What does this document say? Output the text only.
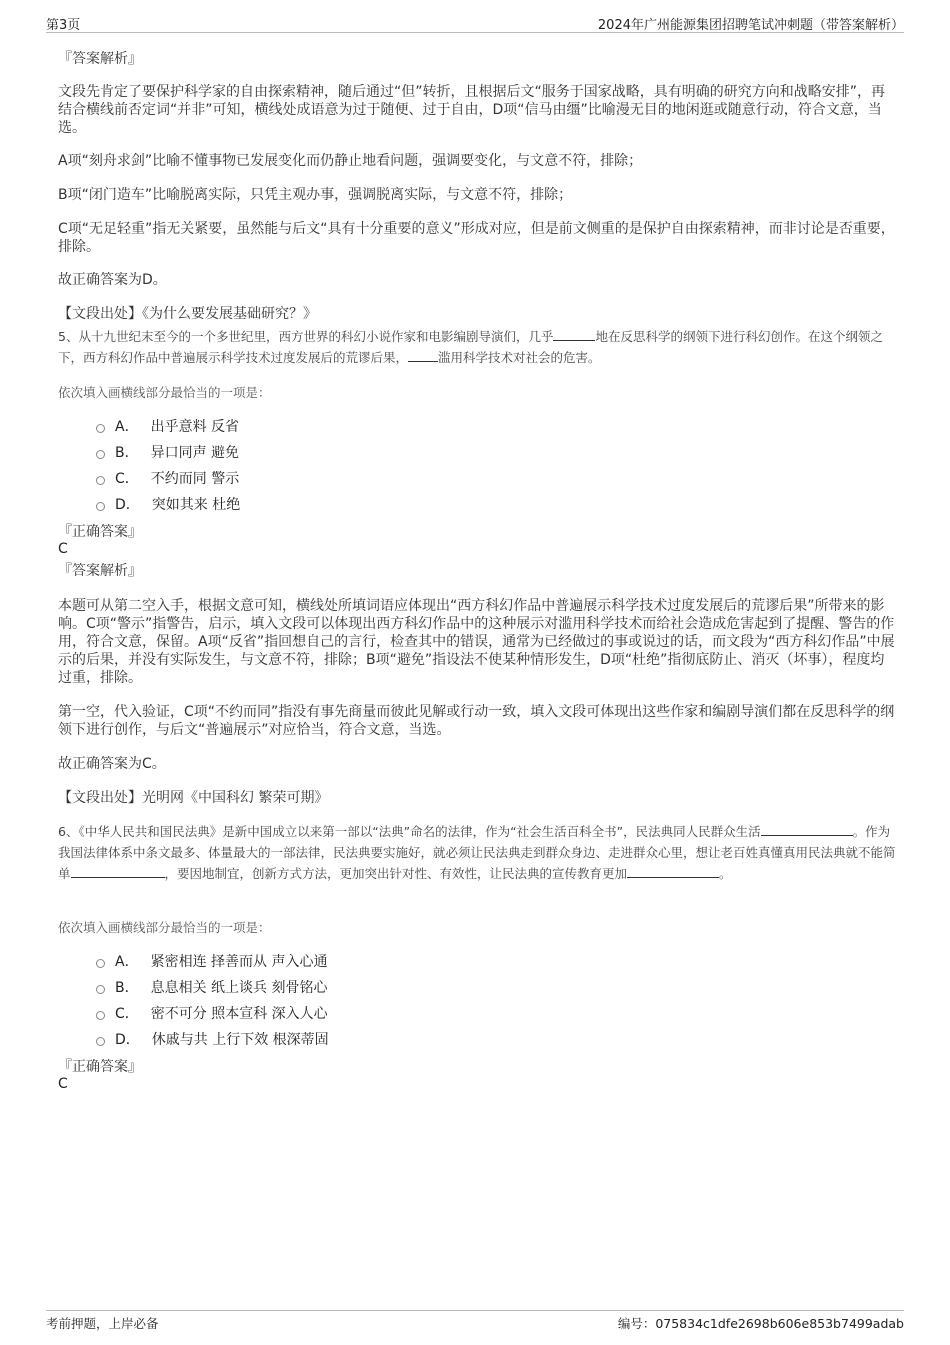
第3页	2024年广州能源集团招聘笔试冲刺题（带答案解析）
『答案解析』
文段先肯定了要保护科学家的自由探索精神，随后通过“但”转折，且根据后文“服务于国家战略，具有明确的研究方向和战略安排”，再结合横线前否定词“并非”可知，横线处成语意为过于随便、过于自由，D项“信马由缰”比喻漫无目的地闲逛或随意行动，符合文意，当选。
A项“刻舟求剑”比喻不懂事物已发展变化而仍静止地看问题，强调要变化，与文意不符，排除；
B项“闭门造车”比喻脱离实际，只凭主观办事，强调脱离实际，与文意不符，排除；
C项“无足轻重”指无关紧要，虽然能与后文“具有十分重要的意义”形成对应，但是前文侧重的是保护自由探索精神，而非讨论是否重要，排除。
故正确答案为D。
【文段出处】《为什么要发展基础研究？》
5、从十九世纪末至今的一个多世纪里，西方世界的科幻小说作家和电影编剧导演们，几乎	地在反思科学的纲领下进行科幻创作。在这个纲领之下，西方科幻作品中普遍展示科学技术过度发展后的荒谬后果， 滥用科学技术对社会的危害。
依次填入画横线部分最恰当的一项是：
A． 出乎意料 反省
B． 异口同声 避免
C． 不约而同 警示
D． 突如其来 杜绝
『正确答案』
C
『答案解析』
本题可从第二空入手，根据文意可知，横线处所填词语应体现出“西方科幻作品中普遍展示科学技术过度发展后的荒谬后果”所带来的影响。C项“警示”指警告，启示，填入文段可以体现出西方科幻作品中的这种展示对滥用科学技术而给社会造成危害起到了提醒、警告的作用，符合文意，保留。A项“反省”指回想自己的言行，检查其中的错误，通常为已经做过的事或说过的话，而文段为“西方科幻作品”中展示的后果，并没有实际发生，与文意不符，排除；B项“避免”指设法不使某种情形发生，D项“杜绝”指彻底防止、消灭（坏事），程度均过重，排除。
第一空，代入验证，C项“不约而同”指没有事先商量而彼此见解或行动一致，填入文段可体现出这些作家和编剧导演们都在反思科学的纲领下进行创作，与后文“普遍展示”对应恰当，符合文意，当选。
故正确答案为C。
【文段出处】光明网《中国科幻 繁荣可期》
6、《中华人民共和国民法典》是新中国成立以来第一部以“法典”命名的法律，作为“社会生活百科全书”，民法典同人民群众生活	。作为我国法律体系中条文最多、体量最大的一部法律，民法典要实施好，就必须让民法典走到群众身边、走进群众心里，想让老百姓真懂真用民法典就不能简单	，要因地制宜，创新方式方法，更加突出针对性、有效性，让民法典的宣传教育更加	。
依次填入画横线部分最恰当的一项是：
A． 紧密相连 择善而从 声入心通
B． 息息相关 纸上谈兵 刻骨铭心
C． 密不可分 照本宣科 深入人心
D． 休戚与共 上行下效 根深蒂固
『正确答案』
C
考前押题，上岸必备	编号：075834c1dfe2698b606e853b7499adab
